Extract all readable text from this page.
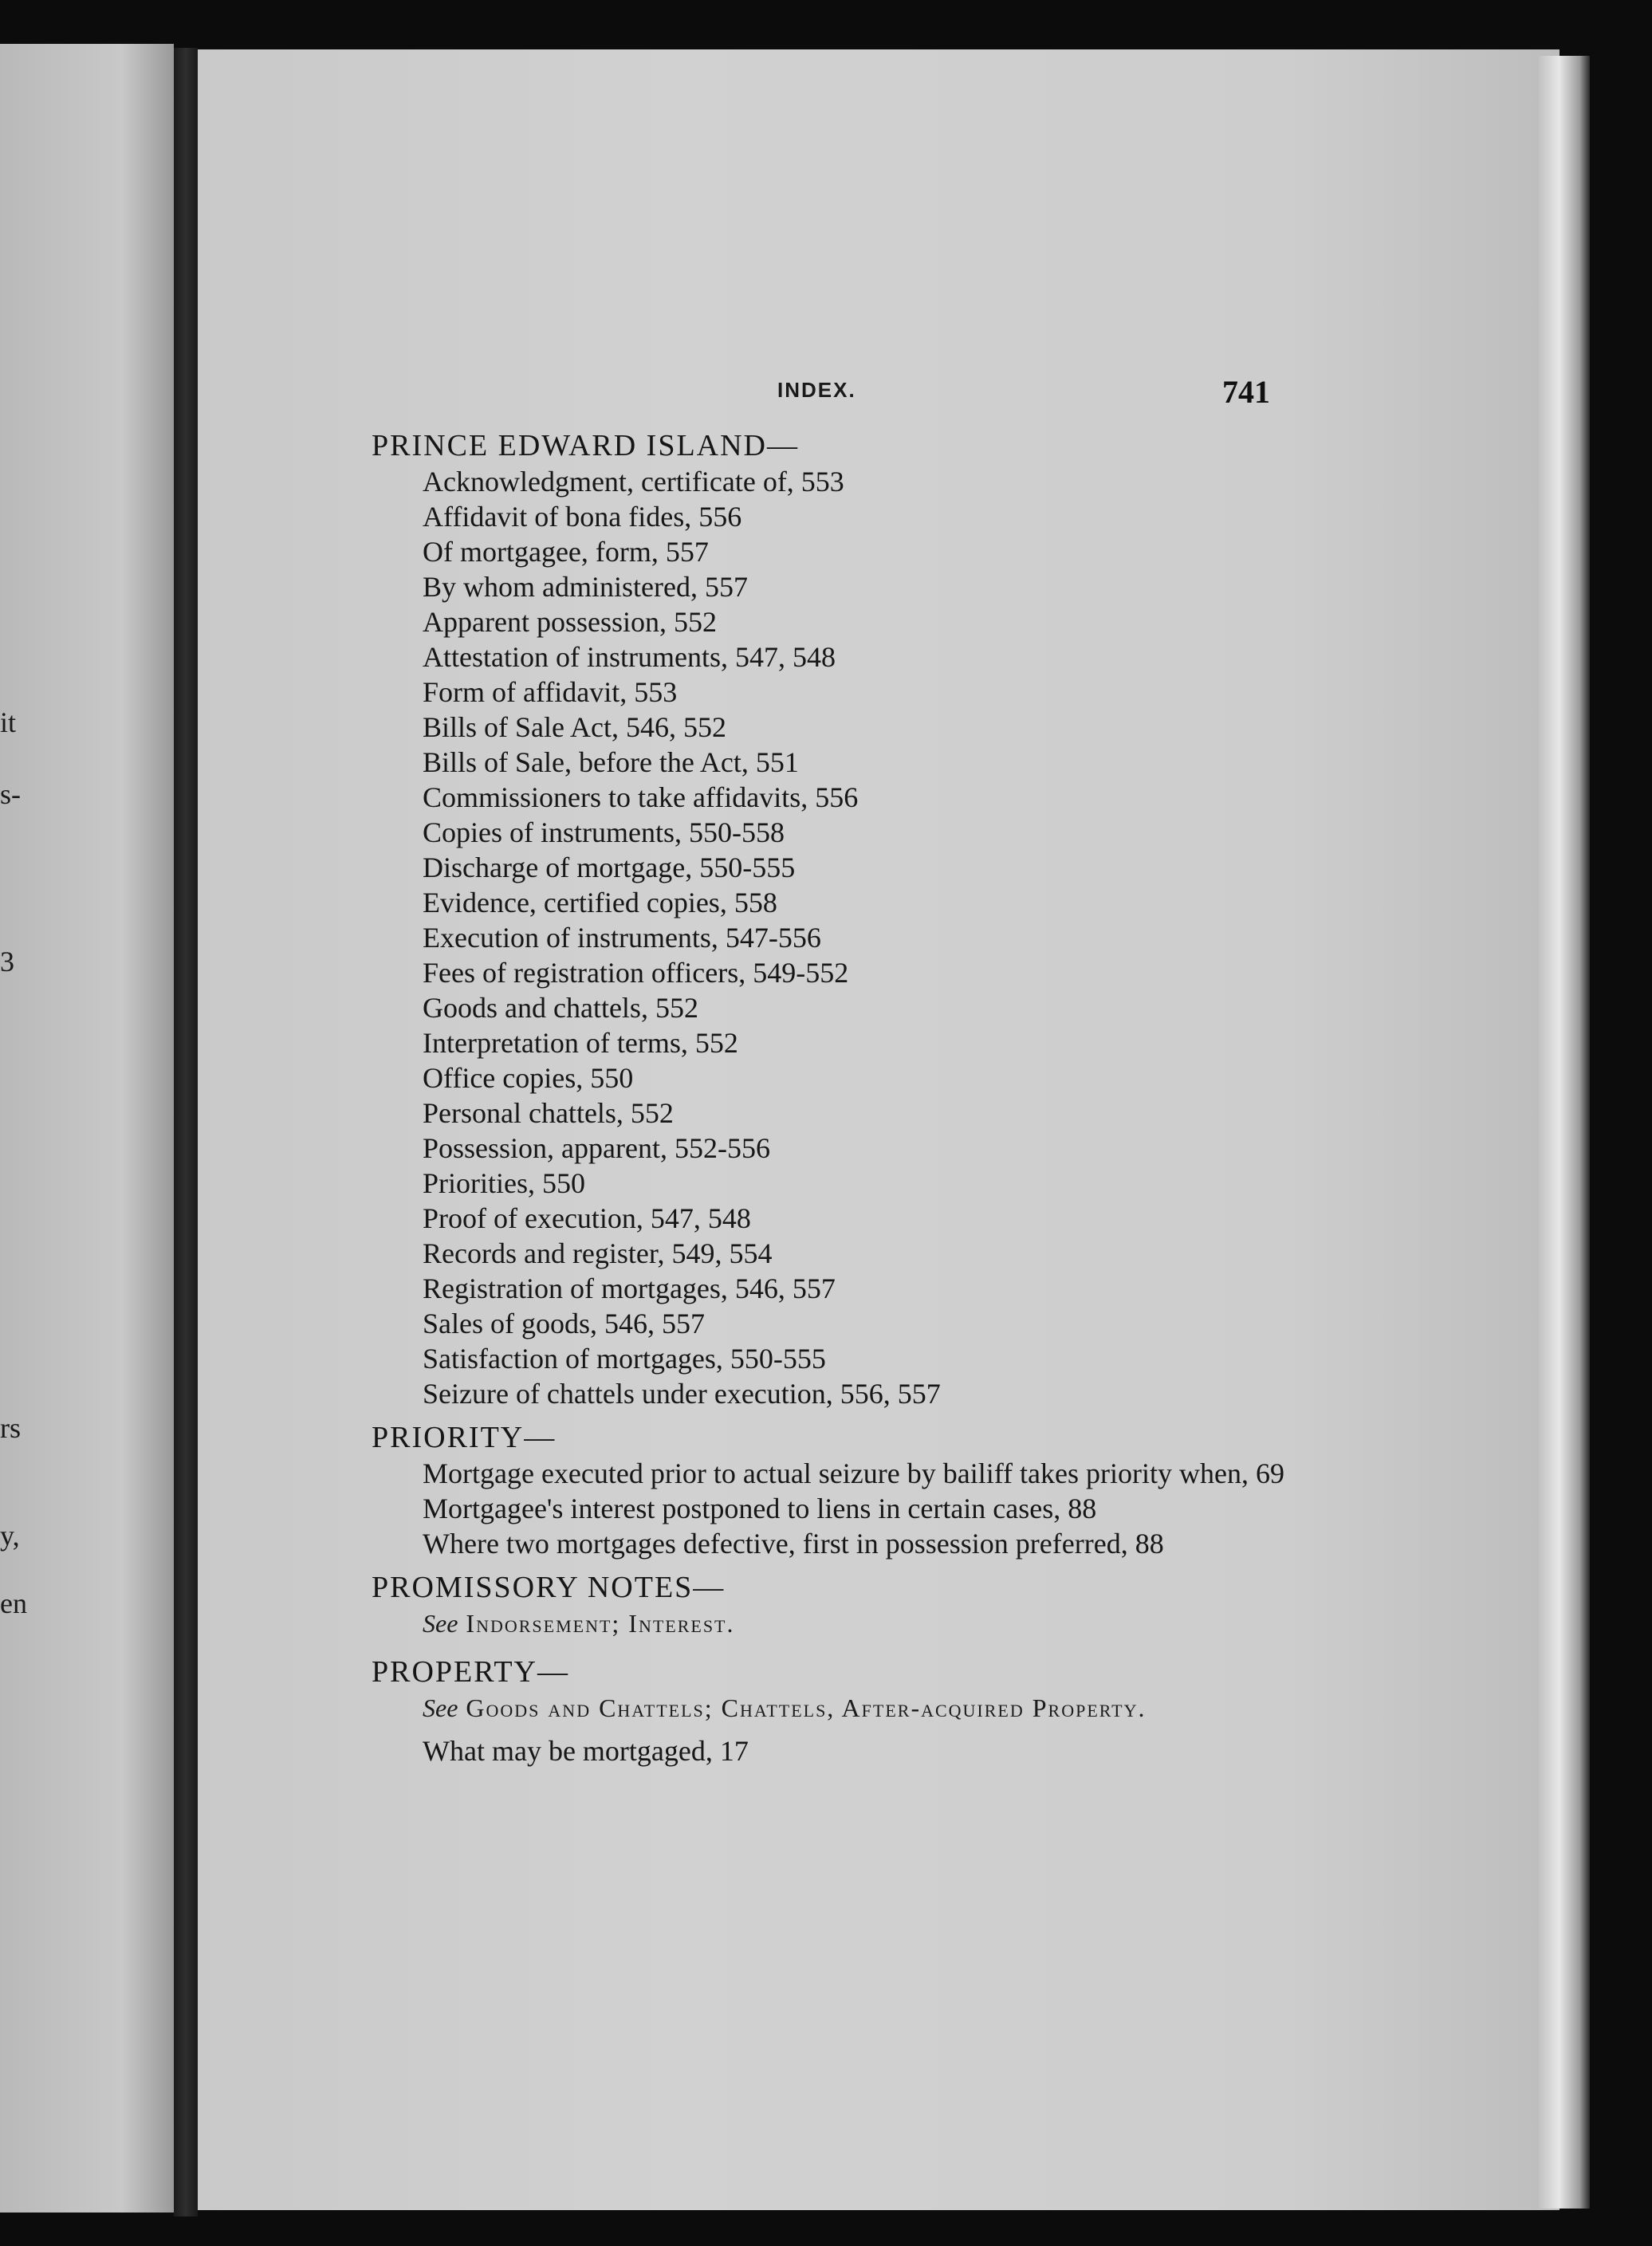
it
s-
3
rs
y,
en
INDEX.	741
PRINCE EDWARD ISLAND—
Acknowledgment, certificate of, 553
Affidavit of bona fides, 556
Of mortgagee, form, 557
By whom administered, 557
Apparent possession, 552
Attestation of instruments, 547, 548
Form of affidavit, 553
Bills of Sale Act, 546, 552
Bills of Sale, before the Act, 551
Commissioners to take affidavits, 556
Copies of instruments, 550-558
Discharge of mortgage, 550-555
Evidence, certified copies, 558
Execution of instruments, 547-556
Fees of registration officers, 549-552
Goods and chattels, 552
Interpretation of terms, 552
Office copies, 550
Personal chattels, 552
Possession, apparent, 552-556
Priorities, 550
Proof of execution, 547, 548
Records and register, 549, 554
Registration of mortgages, 546, 557
Sales of goods, 546, 557
Satisfaction of mortgages, 550-555
Seizure of chattels under execution, 556, 557
PRIORITY—
Mortgage executed prior to actual seizure by bailiff takes priority when, 69
Mortgagee's interest postponed to liens in certain cases, 88
Where two mortgages defective, first in possession preferred, 88
PROMISSORY NOTES—
See Indorsement; Interest.
PROPERTY—
See Goods and Chattels; Chattels, After-acquired Property.
What may be mortgaged, 17
